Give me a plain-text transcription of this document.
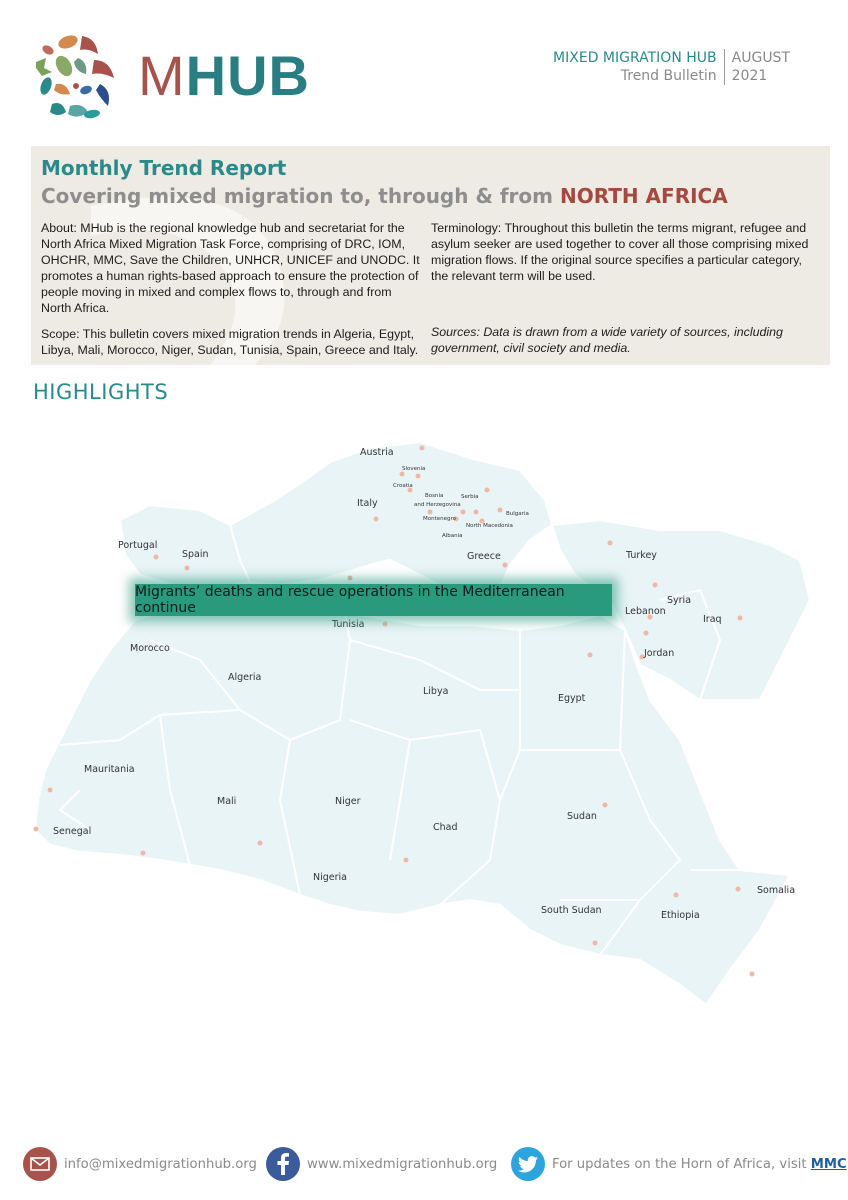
MHUB	MIXED MIGRATION HUB
Trend Bulletin
AUGUST
2021
Monthly Trend Report
Covering mixed migration to, through & from NORTH AFRICA

About: MHub is the regional knowledge hub and secretariat for the North Africa Mixed Migration Task Force, comprising of DRC, IOM, OHCHR, MMC, Save the Children, UNHCR, UNICEF and UNODC. It promotes a human rights-based approach to ensure the protection of people moving in mixed and complex flows to, through and from North Africa.

Scope: This bulletin covers mixed migration trends in Algeria, Egypt, Libya, Mali, Morocco, Niger, Sudan, Tunisia, Spain, Greece and Italy.

Terminology: Throughout this bulletin the terms migrant, refugee and asylum seeker are used together to cover all those comprising mixed migration flows. If the original source specifies a particular category, the relevant term will be used.

Sources: Data is drawn from a wide variety of sources, including government, civil society and media.

HIGHLIGHTS
Austria
Slovenia
Croatia
Bosnia
and Herzegovina
Serbia
Montenegro
North Macedonia
Bulgaria
Albania
Italy
Portugal
Spain	Greece	Turkey
Syria
Lebanon
Iraq
Jordan
Tunisia
Morocco
Algeria
Libya
Egypt
Mauritania
Mali	Niger
Chad
Sudan
Senegal
Nigeria
South Sudan	Ethiopia
Somalia
Migrants’ deaths and rescue operations in the Mediterranean continue
info@mixedmigrationhub.org	www.mixedmigrationhub.org	For updates on the Horn of Africa, visit MMC
